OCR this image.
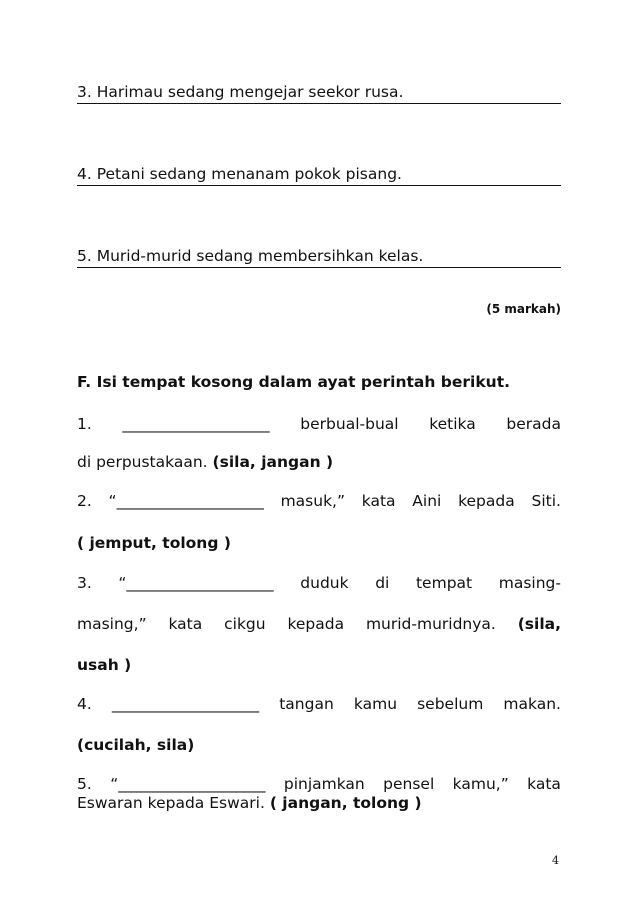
3. Harimau sedang mengejar seekor rusa.
4. Petani sedang menanam pokok pisang.
5. Murid-murid sedang membersihkan kelas.
(5 markah)
F. Isi tempat kosong dalam ayat perintah berikut.
1. ___________________ berbual-bual ketika berada
di perpustakaan. (sila, jangan )
2. “___________________ masuk,” kata Aini kepada Siti.
( jemput, tolong )
3. “___________________ duduk di tempat masing-
masing,” kata cikgu kepada murid-muridnya. (sila,
usah )
4. ___________________ tangan kamu sebelum makan.
(cucilah, sila)
5. “___________________ pinjamkan pensel kamu,” kata
Eswaran kepada Eswari. ( jangan, tolong )
4
